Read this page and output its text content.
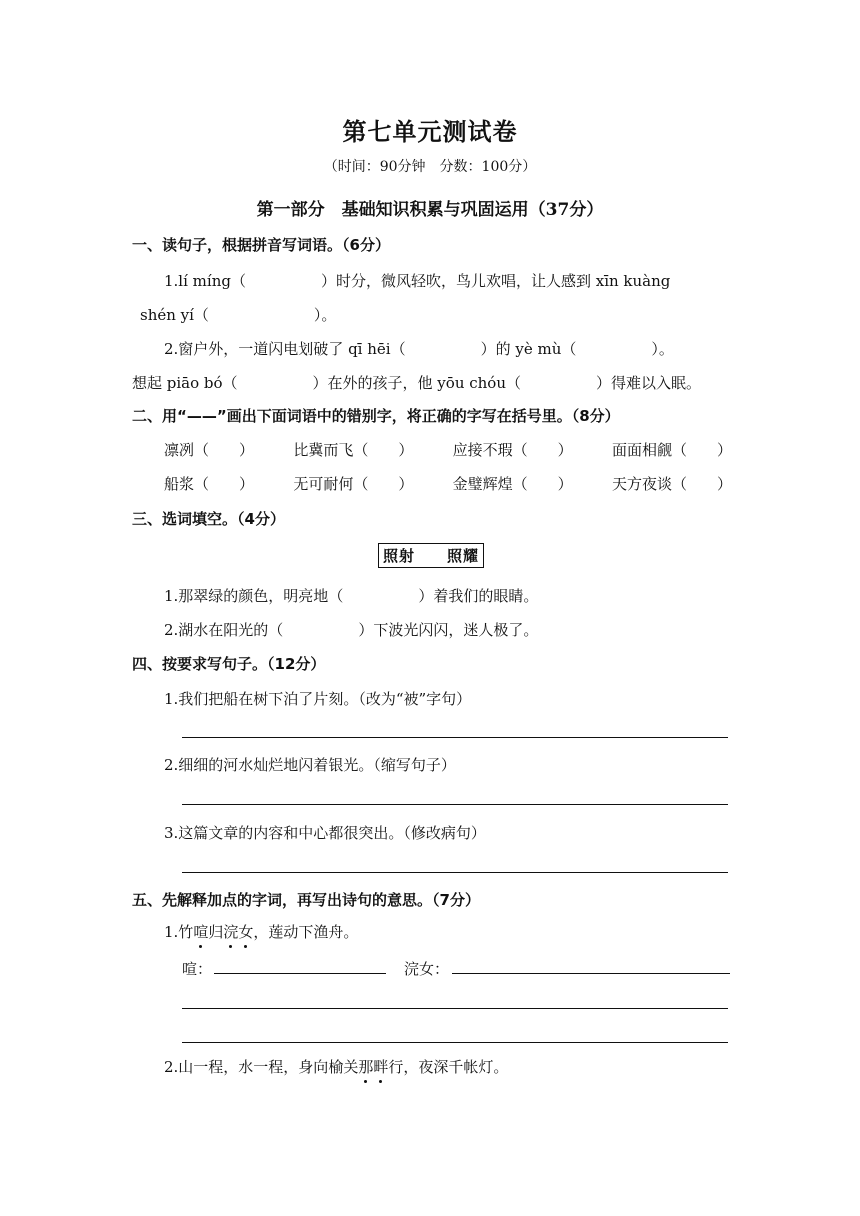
第七单元测试卷
（时间：90分钟　分数：100分）
第一部分　基础知识积累与巩固运用（37分）
一、读句子，根据拼音写词语。（6分）
1.lí míng（　　　　　）时分，微风轻吹，鸟儿欢唱，让人感到 xīn kuàng
shén yí（　　　　　　　）。
2.窗户外，一道闪电划破了 qī hēi（　　　　　）的 yè mù（　　　　　）。
想起 piāo bó（　　　　　）在外的孩子，他 yōu chóu（　　　　　）得难以入眠。
二、用“——”画出下面词语中的错别字，将正确的字写在括号里。（8分）
凛冽（　　）	比冀而飞（　　）	应接不瑕（　　）	面面相觎（　　）
船浆（　　）	无可耐何（　　）	金璧辉煌（　　）	天方夜谈（　　）
三、选词填空。（4分）
照射　　照耀
1.那翠绿的颜色，明亮地（　　　　　）着我们的眼睛。
2.湖水在阳光的（　　　　　）下波光闪闪，迷人极了。
四、按要求写句子。（12分）
1.我们把船在树下泊了片刻。（改为“被”字句）
2.细细的河水灿烂地闪着银光。（缩写句子）
3.这篇文章的内容和中心都很突出。（修改病句）
五、先解释加点的字词，再写出诗句的意思。（7分）
1.竹喧归浣女，莲动下渔舟。
喧：	浣女：
2.山一程，水一程，身向榆关那畔行，夜深千帐灯。
